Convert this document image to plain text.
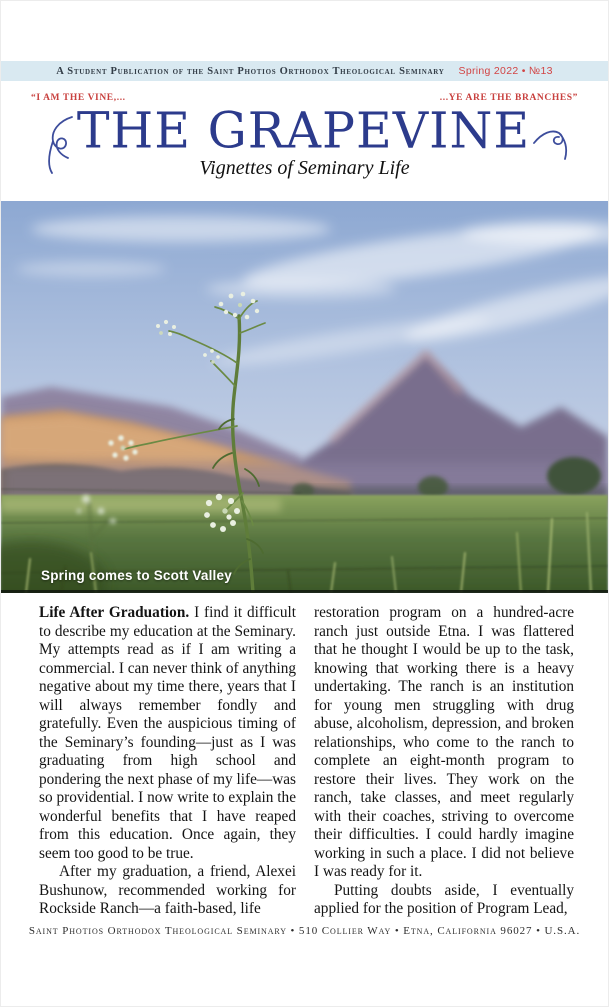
A Student Publication of the Saint Photios Orthodox Theological Seminary Spring 2022 • №13
“I AM THE VINE,...	...YE ARE THE BRANCHES”
THE GRAPEVINE
Vignettes of Seminary Life
Spring comes to Scott Valley

Life After Graduation. I find it difficult to describe my education at the Seminary. My attempts read as if I am writing a commercial. I can never think of anything negative about my time there, years that I will always remember fondly and gratefully. Even the auspicious timing of the Seminary’s founding—just as I was graduating from high school and pondering the next phase of my life—was so providential. I now write to explain the wonderful benefits that I have reaped from this education. Once again, they seem too good to be true.

After my graduation, a friend, Alexei Bushunow, recommended working for Rockside Ranch—a faith-based, life

restoration program on a hundred-acre ranch just outside Etna. I was flattered that he thought I would be up to the task, knowing that working there is a heavy undertaking. The ranch is an institution for young men struggling with drug abuse, alcoholism, depression, and broken relationships, who come to the ranch to complete an eight-month program to restore their lives. They work on the ranch, take classes, and meet regularly with their coaches, striving to overcome their difficulties. I could hardly imagine working in such a place. I did not believe I was ready for it.

Putting doubts aside, I eventually applied for the position of Program Lead,

Saint Photios Orthodox Theological Seminary • 510 Collier Way • Etna, California 96027 • U.S.A.
